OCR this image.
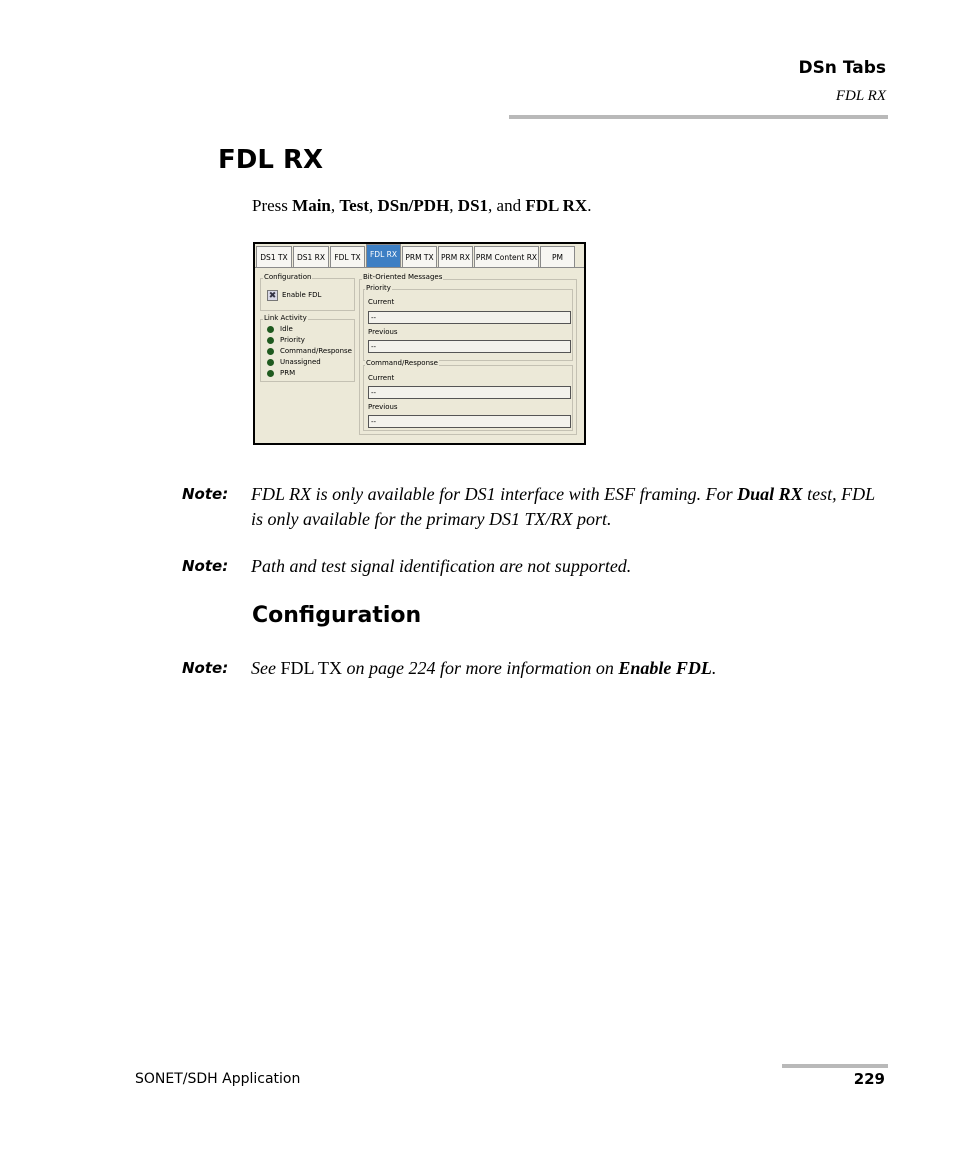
DSn Tabs
FDL RX
FDL RX
Press Main, Test, DSn/PDH, DS1, and FDL RX.
DS1 TX	DS1 RX	FDL TX	FDL RX	PRM TX PRM RX PRM Content RX	PM
Configuration
✖ Enable FDL
Link Activity
Idle
Priority
Command/Response
Unassigned
PRM
Bit-Oriented Messages
Priority
Current
--
Previous
--
Command/Response
Current
--
Previous
--
Note: FDL RX is only available for DS1 interface with ESF framing. For Dual RX test, FDL is only available for the primary DS1 TX/RX port.
Note: Path and test signal identification are not supported.
Configuration
Note: See FDL TX on page 224 for more information on Enable FDL.
SONET/SDH Application	229
